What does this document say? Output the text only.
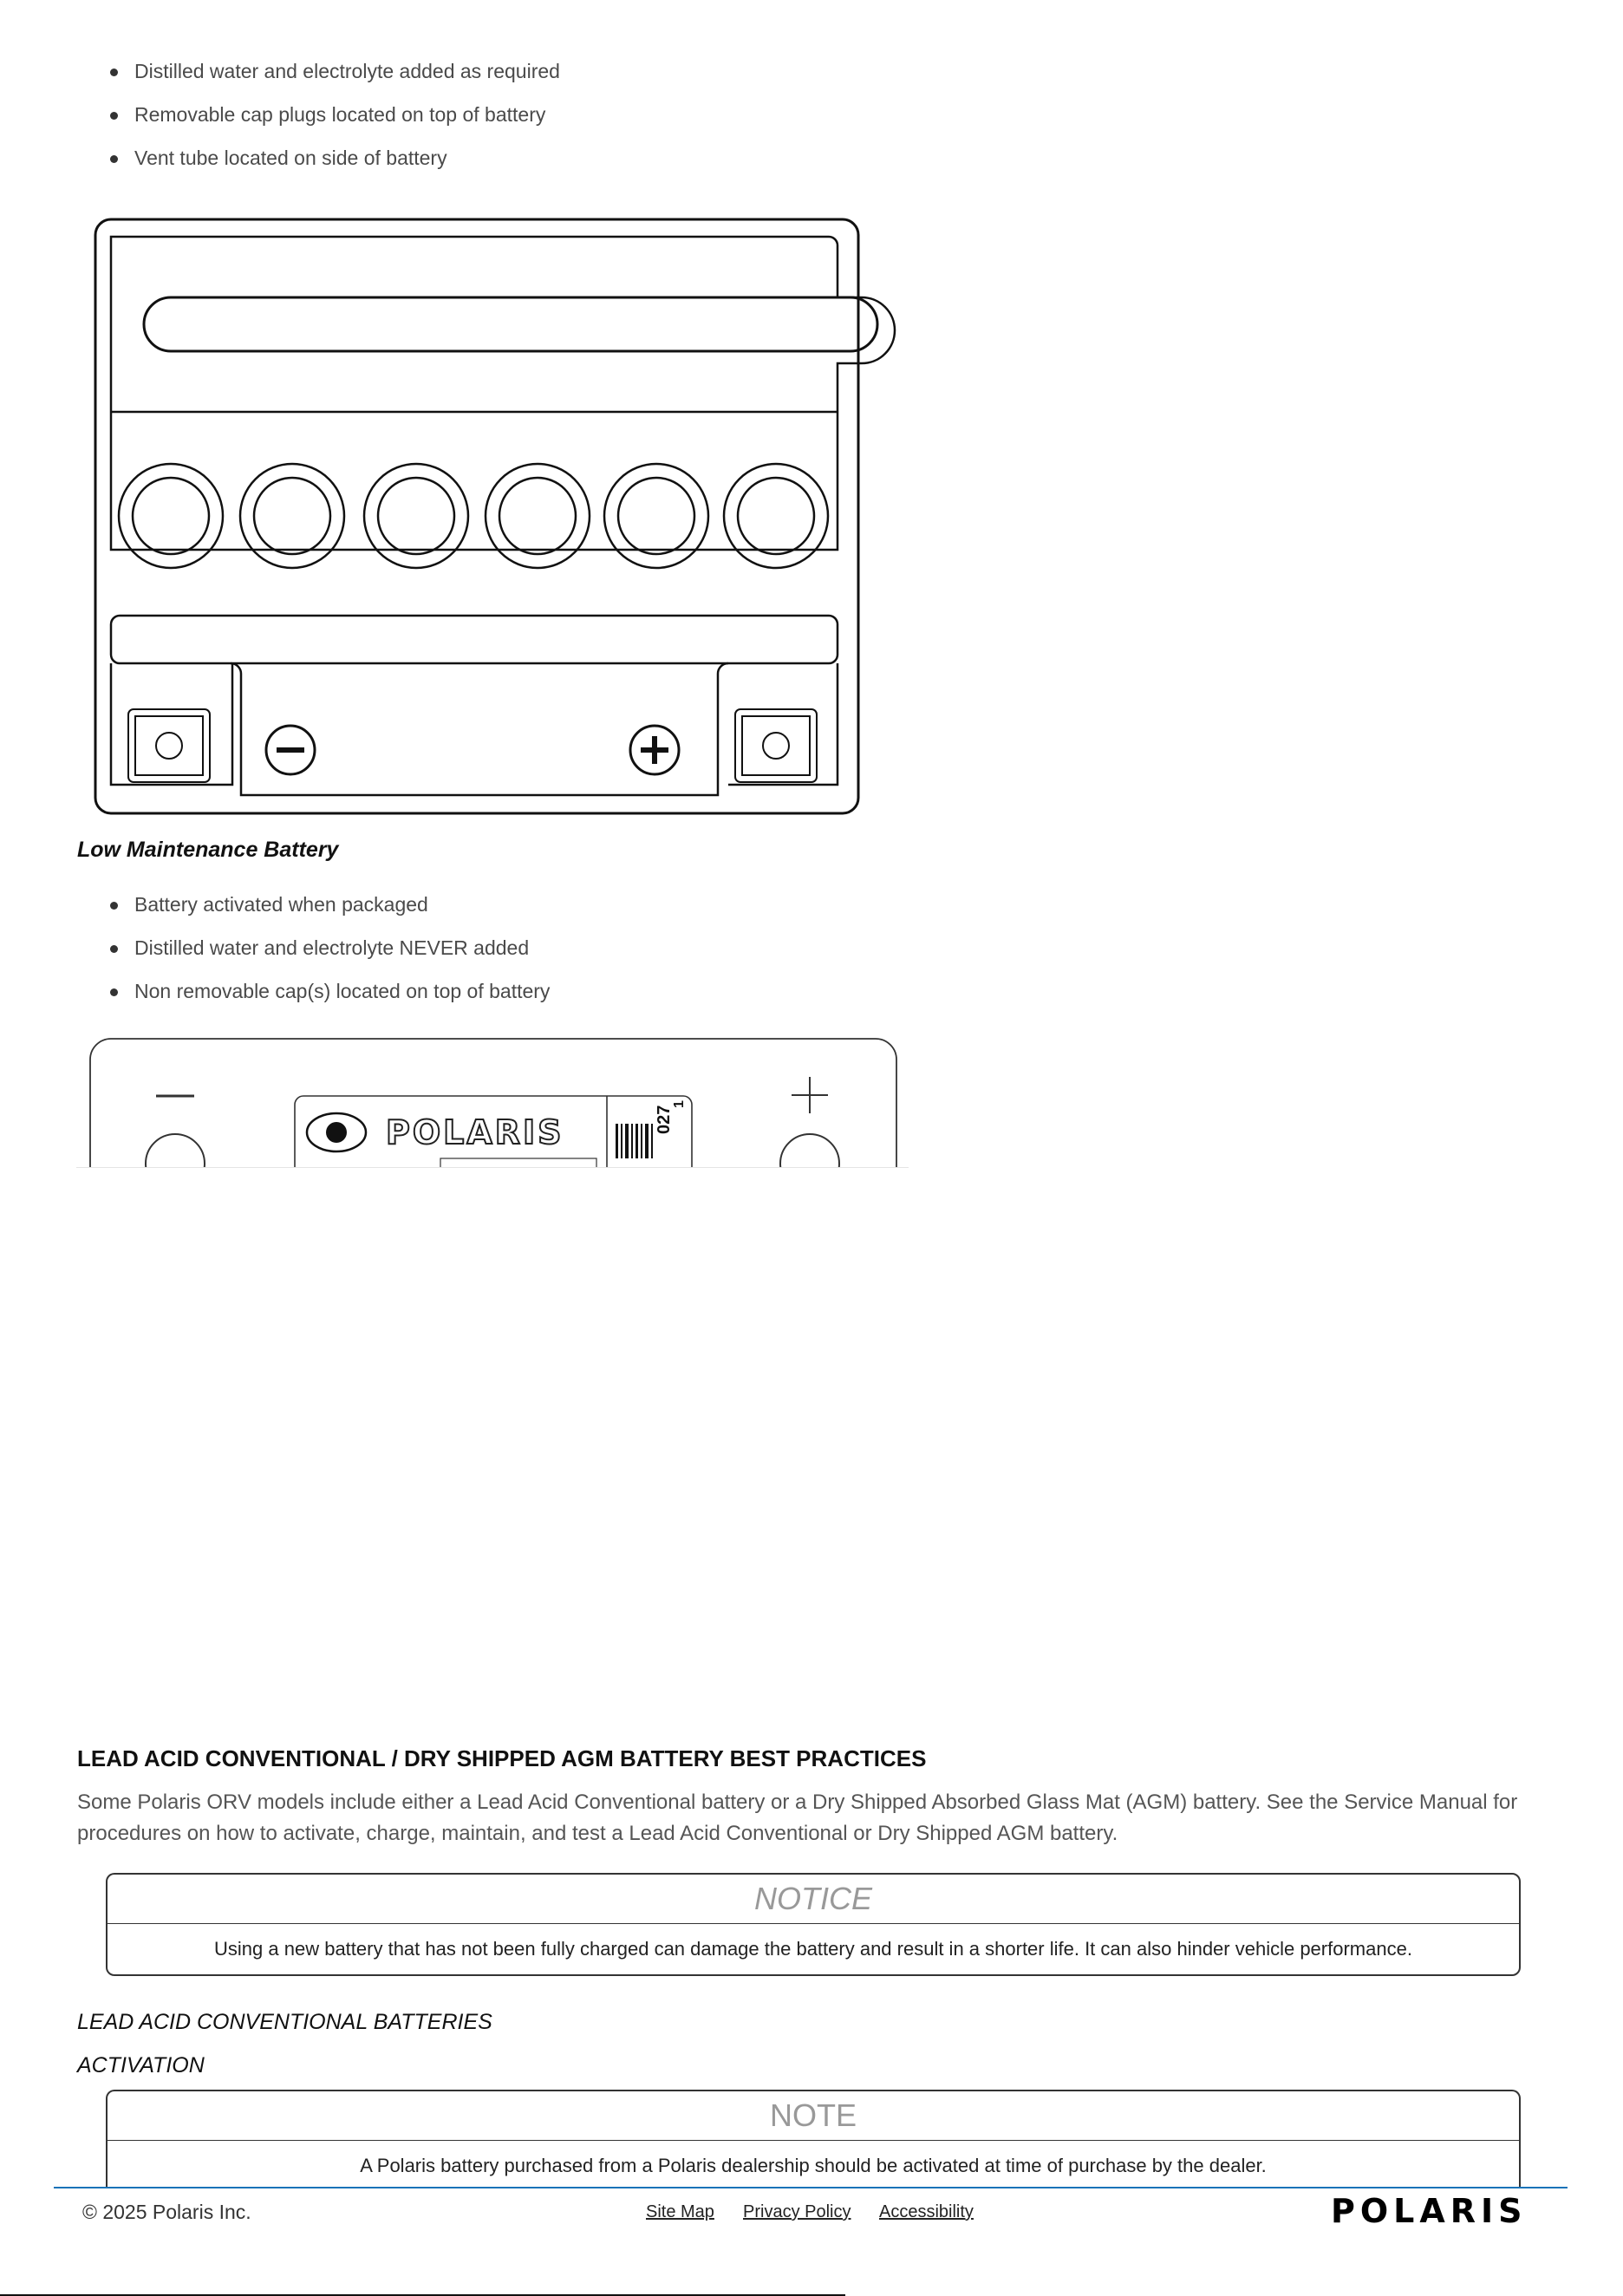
Distilled water and electrolyte added as required
Removable cap plugs located on top of battery
Vent tube located on side of battery
Low Maintenance Battery
Battery activated when packaged
Distilled water and electrolyte NEVER added
Non removable cap(s) located on top of battery
POLARIS	027
1
LEAD ACID CONVENTIONAL / DRY SHIPPED AGM BATTERY BEST PRACTICES
Some Polaris ORV models include either a Lead Acid Conventional battery or a Dry Shipped Absorbed Glass Mat (AGM) battery. See the Service Manual for procedures on how to activate, charge, maintain, and test a Lead Acid Conventional or Dry Shipped AGM battery.
NOTICE
Using a new battery that has not been fully charged can damage the battery and result in a shorter life. It can also hinder vehicle performance.
LEAD ACID CONVENTIONAL BATTERIES
ACTIVATION
NOTE
A Polaris battery purchased from a Polaris dealership should be activated at time of purchase by the dealer.
© 2025 Polaris Inc.	Site Map Privacy Policy Accessibility	POLARIS
